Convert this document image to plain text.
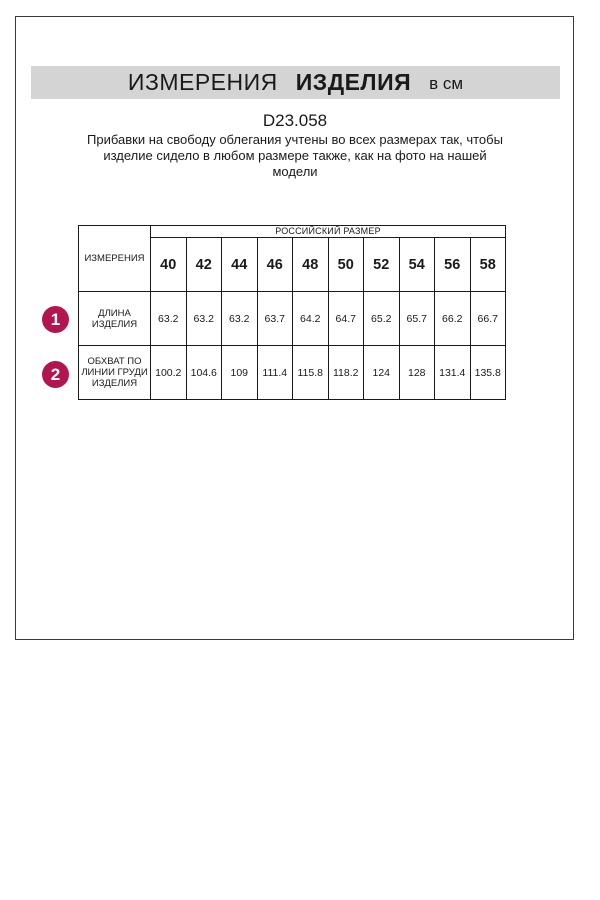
ИЗМЕРЕНИЯ ИЗДЕЛИЯ в см
D23.058
Прибавки на свободу облегания учтены во всех размерах так, чтобы изделие сидело в любом размере также, как на фото на нашей модели
1
2
ИЗМЕРЕНИЯ	РОССИЙСКИЙ РАЗМЕР									
	40	42	44	46	48	50	52	54	56	58
ДЛИНА ИЗДЕЛИЯ	63.2	63.2	63.2	63.7	64.2	64.7	65.2	65.7	66.2	66.7
ОБХВАТ ПО ЛИНИИ ГРУДИ ИЗДЕЛИЯ	100.2	104.6	109	111.4	115.8	118.2	124	128	131.4	135.8
